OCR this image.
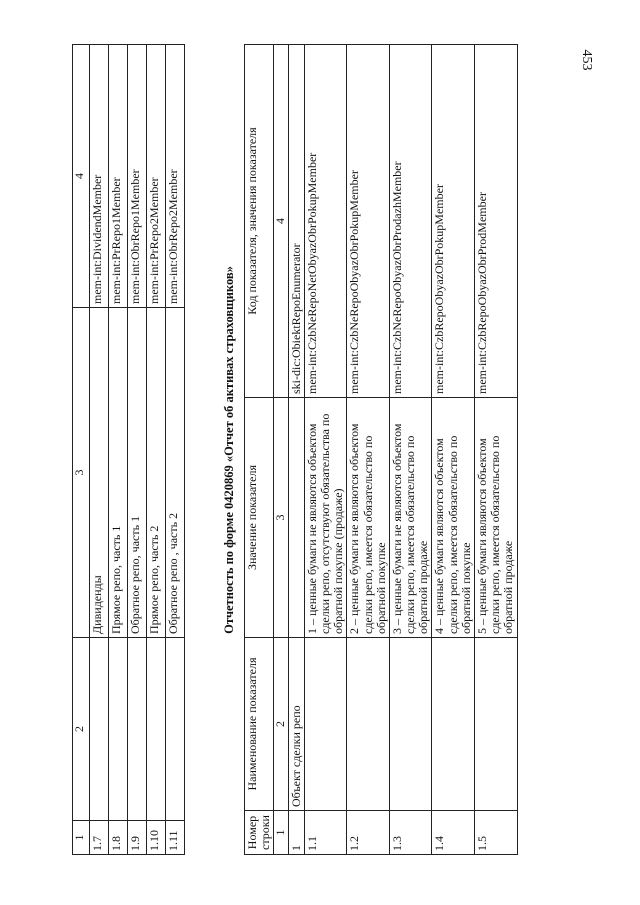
453
1	2	3	4
1.7		Дивиденды	mem-int:DividendMember
1.8		Прямое репо, часть 1	mem-int:PrRepo1Member
1.9		Обратное репо, часть 1	mem-int:ObrRepo1Member
1.10		Прямое репо, часть 2	mem-int:PrRepo2Member
1.11		Обратное репо , часть 2	mem-int:ObrRepo2Member
Отчетность по форме 0420869 «Отчет об активах страховщиков»
Номер строки	Наименование показателя	Значение показателя	Код показателя, значения показателя
1	2	3	4
1	Объект сделки репо		ski-dic:ObiektRepoEnumerator
1.1		1 – ценные бумаги не являются объектом сделки репо, отсутствуют обязательства по обратной покупке (продаже)	mem-int:CzbNeRepoNetObyazObrPokupMember
1.2		2 – ценные бумаги не являются объектом сделки репо, имеется обязательство по обратной покупке	mem-int:CzbNeRepoObyazObrPokupMember
1.3		3 – ценные бумаги не являются объектом сделки репо, имеется обязательство по обратной продаже	mem-int:CzbNeRepoObyazObrProdazhMember
1.4		4 – ценные бумаги являются объектом сделки репо, имеется обязательство по обратной покупке	mem-int:CzbRepoObyazObrPokupMember
1.5		5 – ценные бумаги являются объектом сделки репо, имеется обязательство по обратной продаже	mem-int:CzbRepoObyazObrProdMember
